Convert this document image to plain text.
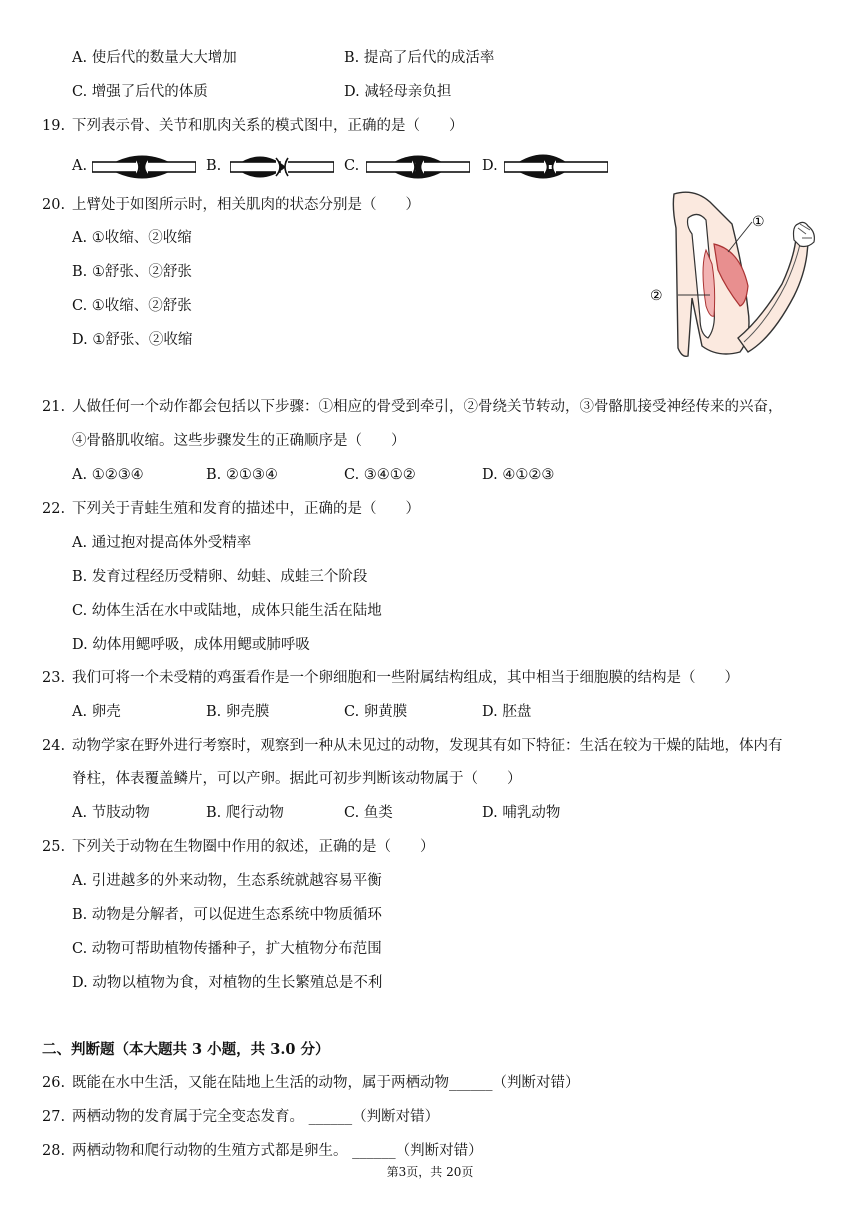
A. 使后代的数量大大增加	B. 提高了后代的成活率
C. 增强了后代的体质	D. 减轻母亲负担
19. 下列表示骨、关节和肌肉关系的模式图中，正确的是（　　）
A.	B.	C.	D.
20. 上臂处于如图所示时，相关肌肉的状态分别是（　　）
A. ①收缩、②收缩
B. ①舒张、②舒张
C. ①收缩、②舒张
D. ①舒张、②收缩
①
②
21. 人做任何一个动作都会包括以下步骤：①相应的骨受到牵引，②骨绕关节转动，③骨骼肌接受神经传来的兴奋，
④骨骼肌收缩。这些步骤发生的正确顺序是（　　）
A. ①②③④	B. ②①③④	C. ③④①②	D. ④①②③
22. 下列关于青蛙生殖和发育的描述中，正确的是（　　）
A. 通过抱对提高体外受精率
B. 发育过程经历受精卵、幼蛙、成蛙三个阶段
C. 幼体生活在水中或陆地，成体只能生活在陆地
D. 幼体用鳃呼吸，成体用鳃或肺呼吸
23. 我们可将一个未受精的鸡蛋看作是一个卵细胞和一些附属结构组成，其中相当于细胞膜的结构是（　　）
A. 卵壳	B. 卵壳膜	C. 卵黄膜	D. 胚盘
24. 动物学家在野外进行考察时，观察到一种从未见过的动物，发现其有如下特征：生活在较为干燥的陆地，体内有
脊柱，体表覆盖鳞片，可以产卵。据此可初步判断该动物属于（　　）
A. 节肢动物	B. 爬行动物	C. 鱼类	D. 哺乳动物
25. 下列关于动物在生物圈中作用的叙述，正确的是（　　）
A. 引进越多的外来动物，生态系统就越容易平衡
B. 动物是分解者，可以促进生态系统中物质循环
C. 动物可帮助植物传播种子，扩大植物分布范围
D. 动物以植物为食，对植物的生长繁殖总是不利
二、判断题（本大题共 3 小题，共 3.0 分）
26. 既能在水中生活，又能在陆地上生活的动物，属于两栖动物______（判断对错）
27. 两栖动物的发育属于完全变态发育。 ______（判断对错）
28. 两栖动物和爬行动物的生殖方式都是卵生。 ______（判断对错）
第3页，共 20页
